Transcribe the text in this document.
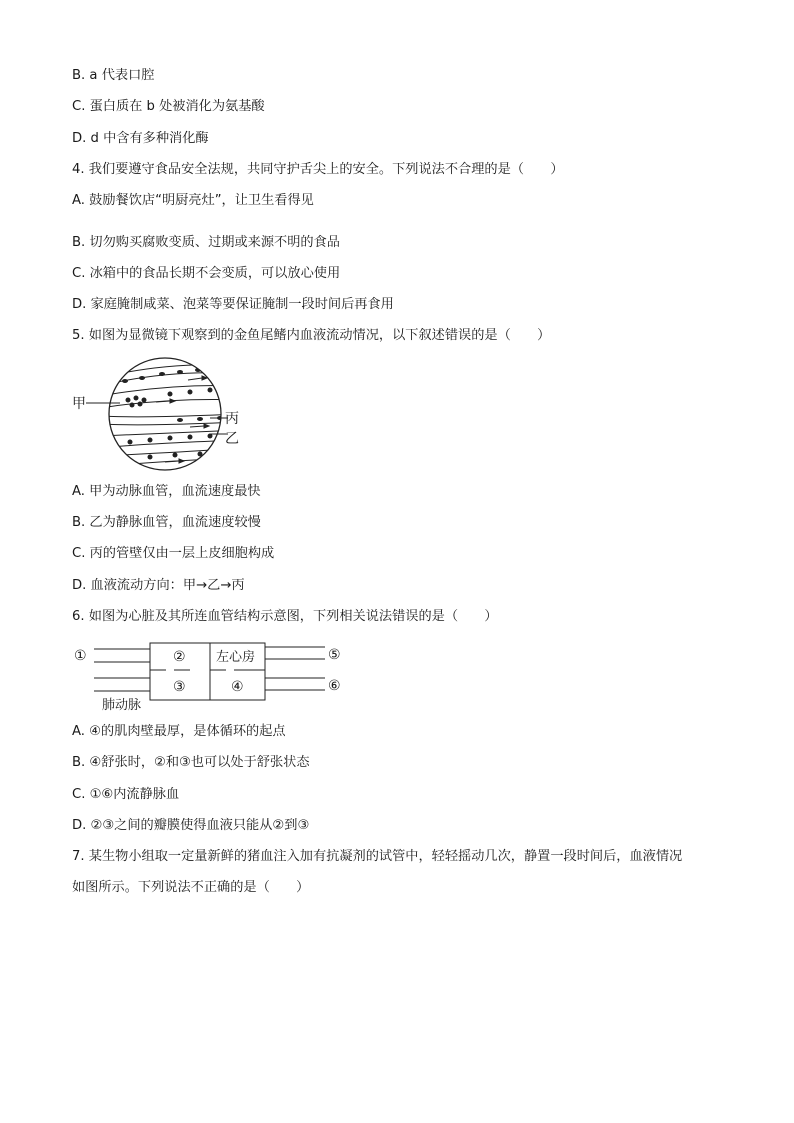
B. a 代表口腔
C. 蛋白质在 b 处被消化为氨基酸
D. d 中含有多种消化酶
4. 我们要遵守食品安全法规，共同守护舌尖上的安全。下列说法不合理的是（　　）
A. 鼓励餐饮店“明厨亮灶”，让卫生看得见
B. 切勿购买腐败变质、过期或来源不明的食品
C. 冰箱中的食品长期不会变质，可以放心使用
D. 家庭腌制咸菜、泡菜等要保证腌制一段时间后再食用
5. 如图为显微镜下观察到的金鱼尾鳍内血液流动情况，以下叙述错误的是（　　）
甲
丙
乙
A. 甲为动脉血管，血流速度最快
B. 乙为静脉血管，血流速度较慢
C. 丙的管壁仅由一层上皮细胞构成
D. 血液流动方向：甲→乙→丙
6. 如图为心脏及其所连血管结构示意图，下列相关说法错误的是（　　）
①	② 左心房
③	④
⑤
⑥
肺动脉
A. ④的肌肉壁最厚，是体循环的起点
B. ④舒张时，②和③也可以处于舒张状态
C. ①⑥内流静脉血
D. ②③之间的瓣膜使得血液只能从②到③
7. 某生物小组取一定量新鲜的猪血注入加有抗凝剂的试管中，轻轻摇动几次，静置一段时间后，血液情况
如图所示。下列说法不正确的是（　　）
